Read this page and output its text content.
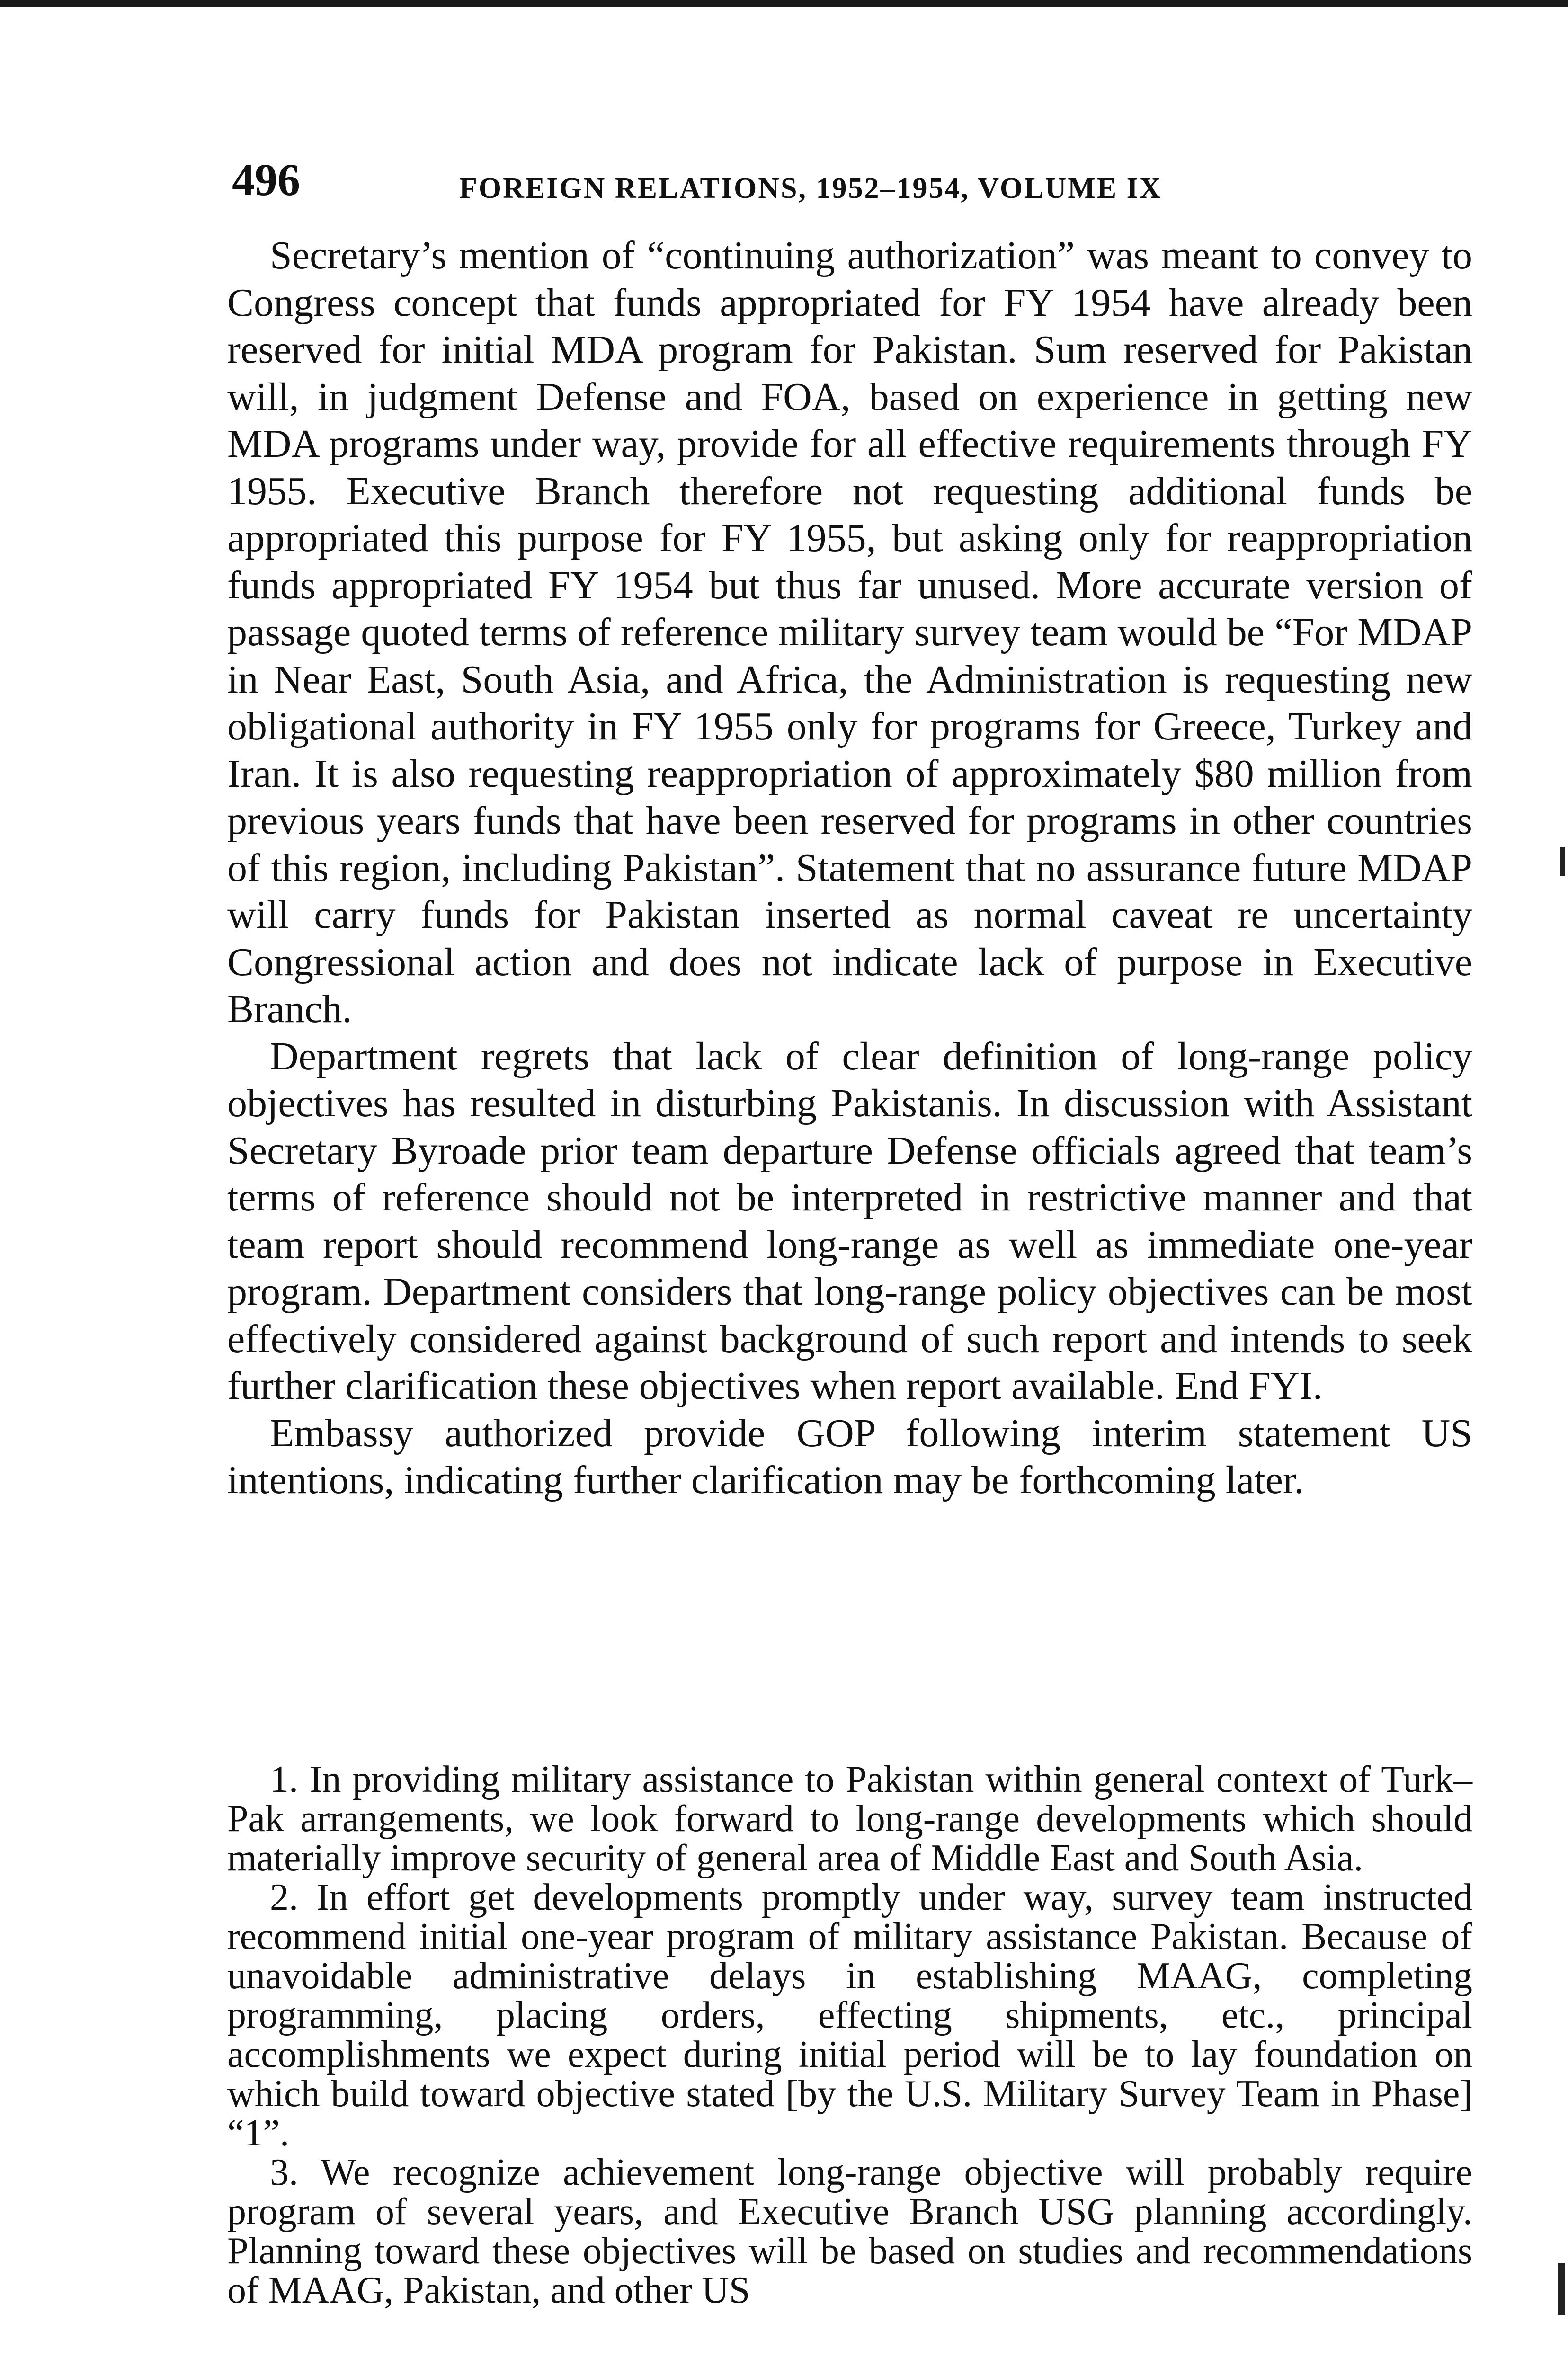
496	FOREIGN RELATIONS, 1952–1954, VOLUME IX

Secretary’s mention of “continuing authorization” was meant to convey to Congress concept that funds appropriated for FY 1954 have already been reserved for initial MDA program for Pakistan. Sum reserved for Pakistan will, in judgment Defense and FOA, based on experience in getting new MDA programs under way, provide for all effective requirements through FY 1955. Executive Branch therefore not requesting additional funds be appropriated this purpose for FY 1955, but asking only for reappropriation funds appropriated FY 1954 but thus far unused. More accurate version of passage quoted terms of reference military survey team would be “For MDAP in Near East, South Asia, and Africa, the Administration is requesting new obligational authority in FY 1955 only for programs for Greece, Turkey and Iran. It is also requesting reappropriation of approximately $80 million from previous years funds that have been reserved for programs in other countries of this region, including Pakistan”. Statement that no assurance future MDAP will carry funds for Pakistan inserted as normal caveat re uncertainty Congressional action and does not indicate lack of purpose in Executive Branch.

Department regrets that lack of clear definition of long-range policy objectives has resulted in disturbing Pakistanis. In discussion with Assistant Secretary Byroade prior team departure Defense officials agreed that team’s terms of reference should not be interpreted in restrictive manner and that team report should recommend long-range as well as immediate one-year program. Department considers that long-range policy objectives can be most effectively considered against background of such report and intends to seek further clarification these objectives when report available. End FYI.

Embassy authorized provide GOP following interim statement US intentions, indicating further clarification may be forthcoming later.

1. In providing military assistance to Pakistan within general context of Turk–Pak arrangements, we look forward to long-range developments which should materially improve security of general area of Middle East and South Asia.

2. In effort get developments promptly under way, survey team instructed recommend initial one-year program of military assistance Pakistan. Because of unavoidable administrative delays in establishing MAAG, completing programming, placing orders, effecting shipments, etc., principal accomplishments we expect during initial period will be to lay foundation on which build toward objective stated [by the U.S. Military Survey Team in Phase] “1”.

3. We recognize achievement long-range objective will probably require program of several years, and Executive Branch USG planning accordingly. Planning toward these objectives will be based on studies and recommendations of MAAG, Pakistan, and other US
